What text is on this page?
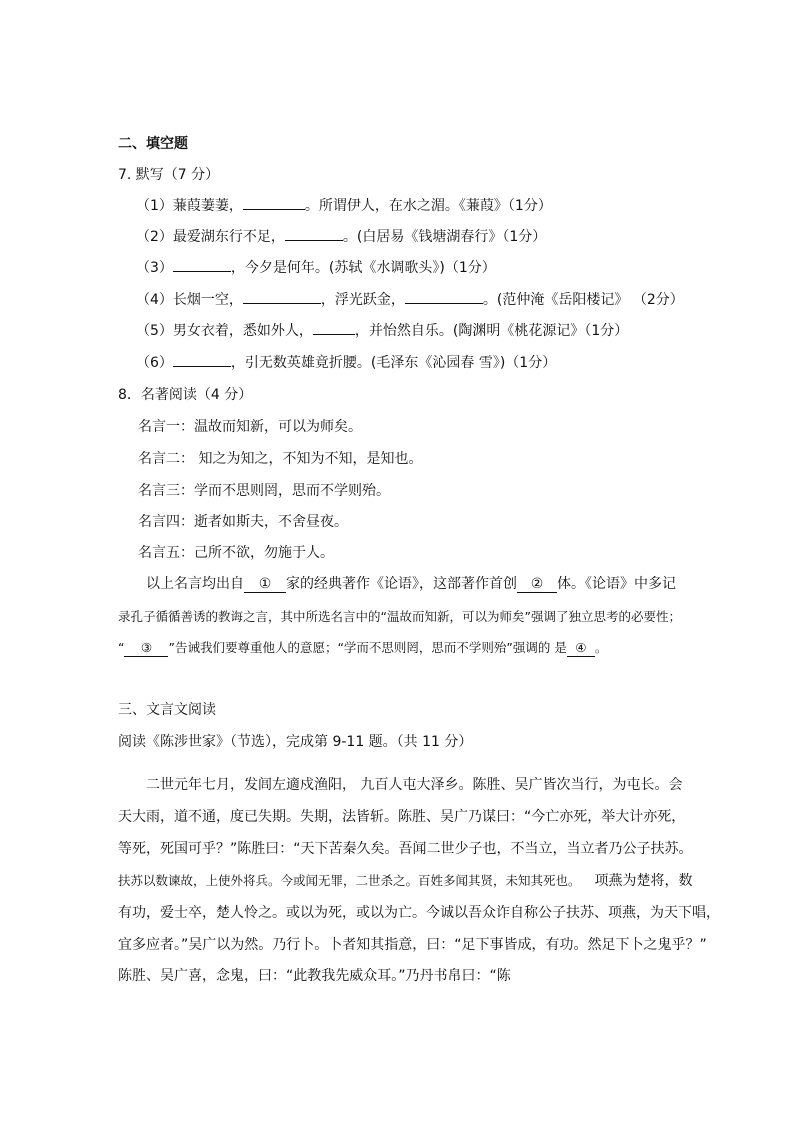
二、填空题
7. 默写（7 分）
（1）蒹葭萋萋，	。所谓伊人，在水之湄。《蒹葭》（1分）
（2）最爱湖东行不足，	。(白居易《钱塘湖春行》（1分）
（3）	，今夕是何年。(苏轼《水调歌头》)（1分）
（4）长烟一空，	，浮光跃金，	。(范仲淹《岳阳楼记》 （2分）
（5）男女衣着，悉如外人，	，并怡然自乐。(陶渊明《桃花源记》（1分）
（6）	，引无数英雄竟折腰。(毛泽东《沁园春 雪》)（1分）
8．名著阅读（4 分）
名言一：温故而知新，可以为师矣。
名言二： 知之为知之，不知为不知，是知也。
名言三：学而不思则罔，思而不学则殆。
名言四：逝者如斯夫，不舍昼夜。
名言五：己所不欲，勿施于人。
以上名言均出自 ① 家的经典著作《论语》，这部著作首创 ② 体。《论语》中多记
录孔子循循善诱的教诲之言，其中所选名言中的“温故而知新，可以为师矣”强调了独立思考的必要性；
“ ③ ”告诫我们要尊重他人的意愿；“学而不思则罔，思而不学则殆”强调的 是 ④ 。
三、文言文阅读
阅读《陈涉世家》（节选），完成第 9-11 题。（共 11 分）
二世元年七月，发闾左適戍渔阳， 九百人屯大泽乡。陈胜、吴广皆次当行，为屯长。会
天大雨，道不通，度已失期。失期，法皆斩。陈胜、吴广乃谋曰：“今亡亦死，举大计亦死，
等死，死国可乎？”陈胜曰：“天下苦秦久矣。吾闻二世少子也，不当立，当立者乃公子扶苏。
扶苏以数谏故，上使外将兵。今或闻无罪，二世杀之。百姓多闻其贤，未知其死也。 项燕为楚将，数
有功，爱士卒，楚人怜之。或以为死，或以为亡。今诚以吾众诈自称公子扶苏、项燕，为天下唱，
宜多应者。”吴广以为然。乃行卜。卜者知其指意，曰：“足下事皆成，有功。然足下卜之鬼乎？”
陈胜、吴广喜，念鬼，曰：“此教我先威众耳。”乃丹书帛曰：“陈
